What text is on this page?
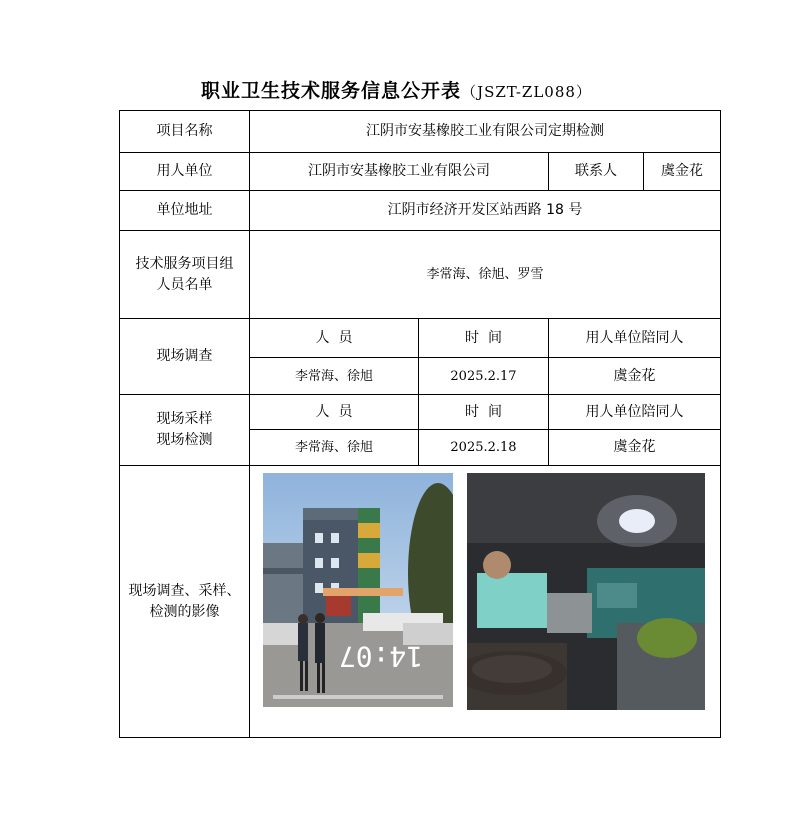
职业卫生技术服务信息公开表（JSZT-ZL088）
项目名称	江阴市安基橡胶工业有限公司定期检测			
用人单位	江阴市安基橡胶工业有限公司		联系人	虞金花
单位地址	江阴市经济开发区站西路 18 号			

技术服务项目组
人员名单	李常海、徐旭、罗雪			
现场调查	人  员	时  间	用人单位陪同人	
	李常海、徐旭	2025.2.17	虞金花	

现场采样
现场检测	人  员	时  间	用人单位陪同人	
	李常海、徐旭	2025.2.18	虞金花	

现场调查、采样、
检测的影像	14:07			
